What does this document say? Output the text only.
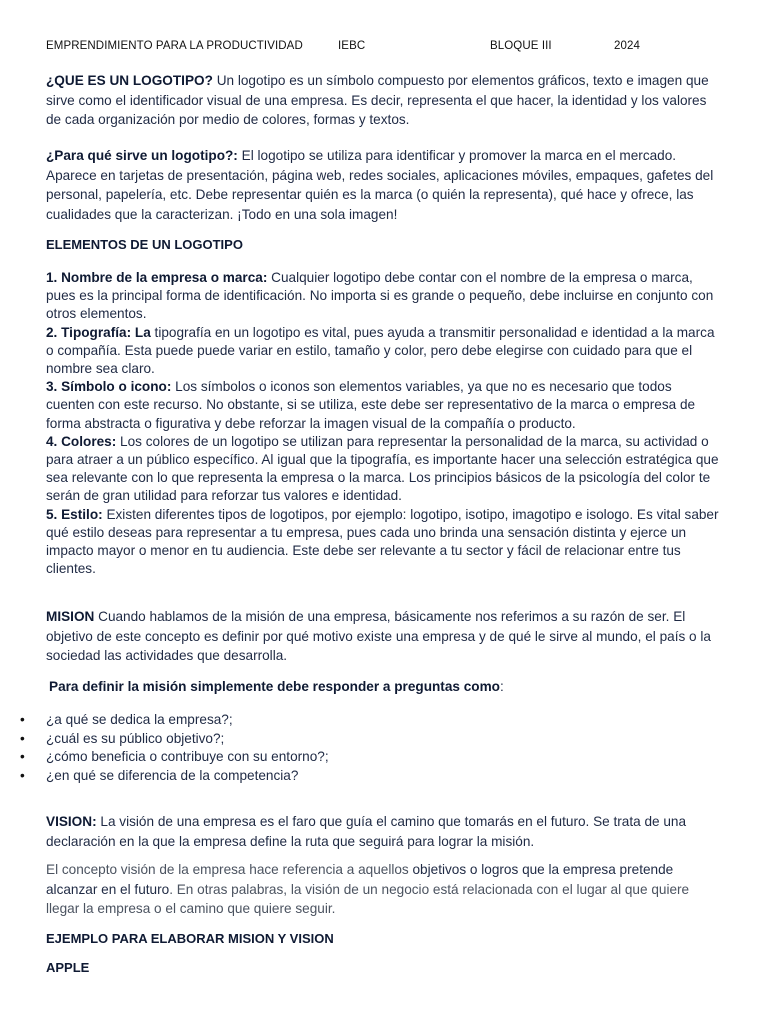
EMPRENDIMIENTO PARA LA PRODUCTIVIDAD	IEBC	BLOQUE III	2024
¿QUE ES UN LOGOTIPO? Un logotipo es un símbolo compuesto por elementos gráficos, texto e imagen que sirve como el identificador visual de una empresa. Es decir, representa el que hacer, la identidad y los valores de cada organización por medio de colores, formas y textos.
¿Para qué sirve un logotipo?: El logotipo se utiliza para identificar y promover la marca en el mercado. Aparece en tarjetas de presentación, página web, redes sociales, aplicaciones móviles, empaques, gafetes del personal, papelería, etc. Debe representar quién es la marca (o quién la representa), qué hace y ofrece, las cualidades que la caracterizan. ¡Todo en una sola imagen!
ELEMENTOS DE UN LOGOTIPO
1. Nombre de la empresa o marca: Cualquier logotipo debe contar con el nombre de la empresa o marca, pues es la principal forma de identificación. No importa si es grande o pequeño, debe incluirse en conjunto con otros elementos.
2. Tipografía: La tipografía en un logotipo es vital, pues ayuda a transmitir personalidad e identidad a la marca o compañía. Esta puede puede variar en estilo, tamaño y color, pero debe elegirse con cuidado para que el nombre sea claro.
3. Símbolo o icono: Los símbolos o iconos son elementos variables, ya que no es necesario que todos cuenten con este recurso. No obstante, si se utiliza, este debe ser representativo de la marca o empresa de forma abstracta o figurativa y debe reforzar la imagen visual de la compañía o producto.
4. Colores: Los colores de un logotipo se utilizan para representar la personalidad de la marca, su actividad o para atraer a un público específico. Al igual que la tipografía, es importante hacer una selección estratégica que sea relevante con lo que representa la empresa o la marca. Los principios básicos de la psicología del color te serán de gran utilidad para reforzar tus valores e identidad.
5. Estilo: Existen diferentes tipos de logotipos, por ejemplo: logotipo, isotipo, imagotipo e isologo. Es vital saber qué estilo deseas para representar a tu empresa, pues cada uno brinda una sensación distinta y ejerce un impacto mayor o menor en tu audiencia. Este debe ser relevante a tu sector y fácil de relacionar entre tus clientes.
MISION Cuando hablamos de la misión de una empresa, básicamente nos referimos a su razón de ser. El objetivo de este concepto es definir por qué motivo existe una empresa y de qué le sirve al mundo, el país o la sociedad las actividades que desarrolla.
Para definir la misión simplemente debe responder a preguntas como:
• ¿a qué se dedica la empresa?;
• ¿cuál es su público objetivo?;
• ¿cómo beneficia o contribuye con su entorno?;
• ¿en qué se diferencia de la competencia?
VISION: La visión de una empresa es el faro que guía el camino que tomarás en el futuro. Se trata de una declaración en la que la empresa define la ruta que seguirá para lograr la misión.
El concepto visión de la empresa hace referencia a aquellos objetivos o logros que la empresa pretende alcanzar en el futuro. En otras palabras, la visión de un negocio está relacionada con el lugar al que quiere llegar la empresa o el camino que quiere seguir.
EJEMPLO PARA ELABORAR MISION Y VISION
APPLE
